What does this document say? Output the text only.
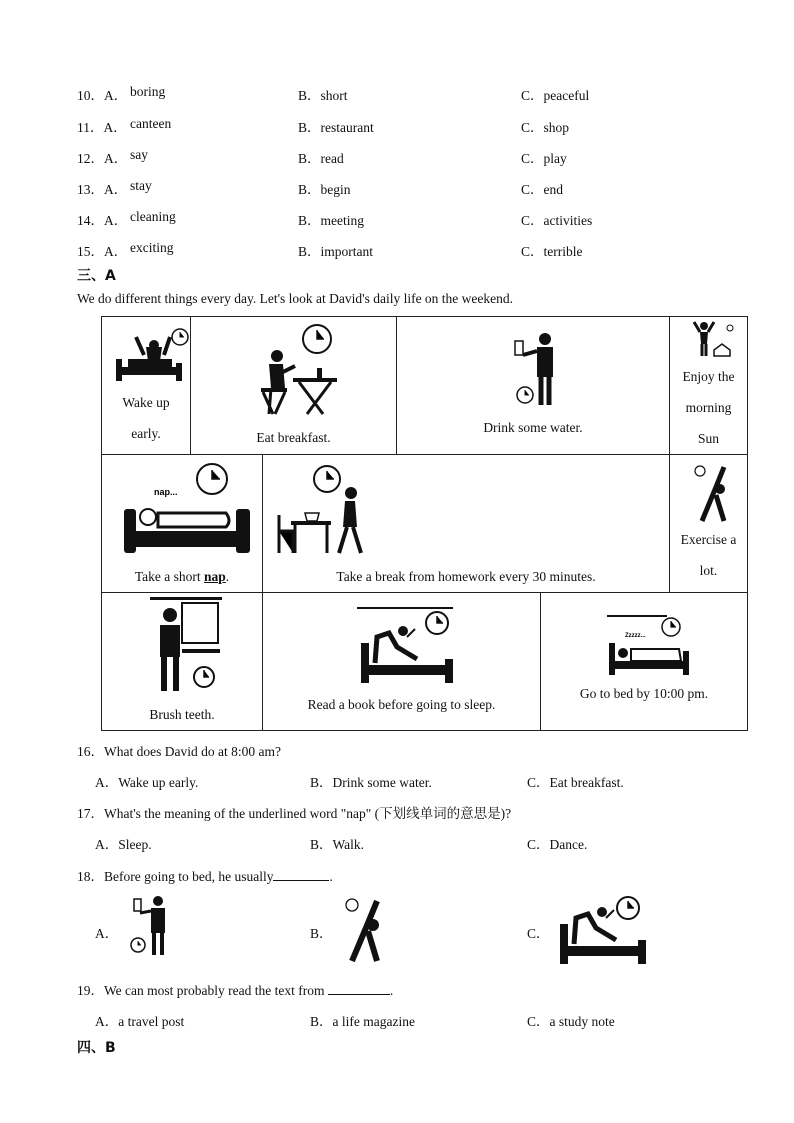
10．A． boring	B．short	C．peaceful
11．A． canteen	B．restaurant	C．shop
12．A． say	B．read	C．play
13．A． stay	B．begin	C．end
14．A． cleaning	B．meeting	C．activities
15．A． exciting	B．important	C．terrible
三、A
We do different things every day. Let's look at David's daily life on the weekend.
Wake up
early.	Eat breakfast.
Drink some water.
Enjoy the
morning
Sun
nap...
Take a short nap.	Take a break from homework every 30 minutes.
Exercise a
lot.
Brush teeth.
Read a book before going to sleep.
Zzzzz...
Go to bed by 10:00 pm.
16．What does David do at 8:00 am?
A．Wake up early.	B．Drink some water.	C．Eat breakfast.
17．What's the meaning of the underlined word "nap" (下划线单词的意思是)?
A．Sleep.	B．Walk.	C．Dance.
18．Before going to bed, he usually	.
A．	B．	C．
19．We can most probably read the text from	.
A．a travel post	B．a life magazine	C．a study note
四、B
